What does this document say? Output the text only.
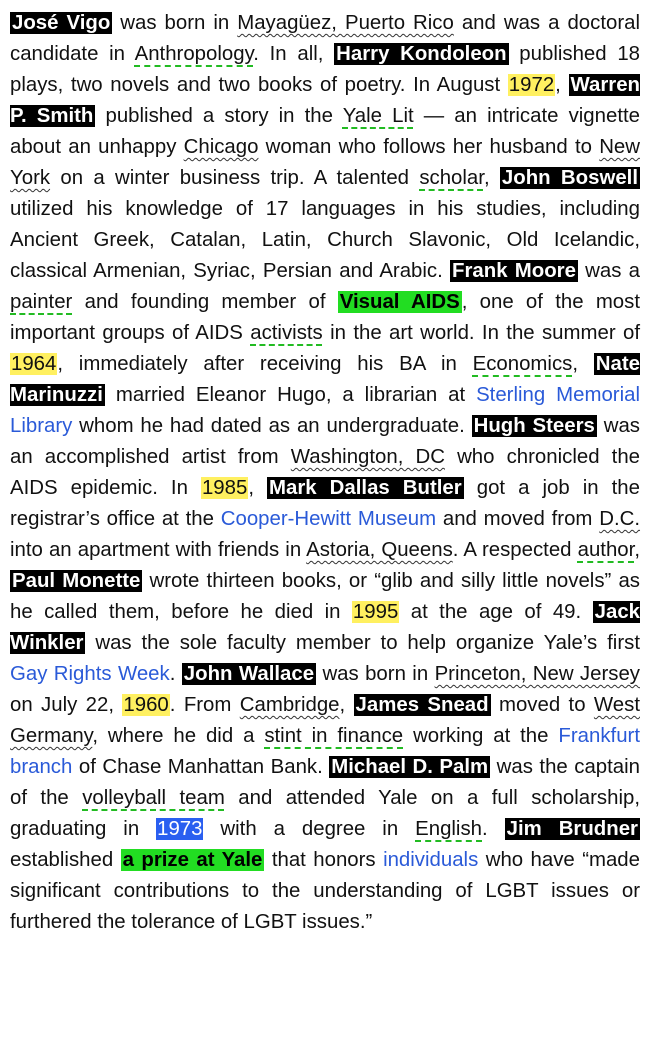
José Vigo was born in Mayagüez, Puerto Rico and was a doctoral candidate in Anthropology. In all, Harry Kondoleon published 18 plays, two novels and two books of poetry. In August 1972, Warren P. Smith published a story in the Yale Lit — an intricate vignette about an unhappy Chicago woman who follows her husband to New York on a winter business trip. A talented scholar, John Boswell utilized his knowledge of 17 languages in his studies, including Ancient Greek, Catalan, Latin, Church Slavonic, Old Icelandic, classical Armenian, Syriac, Persian and Arabic. Frank Moore was a painter and founding member of Visual AIDS, one of the most important groups of AIDS activists in the art world. In the summer of 1964, immediately after receiving his BA in Economics, Nate Marinuzzi married Eleanor Hugo, a librarian at Sterling Memorial Library whom he had dated as an undergraduate. Hugh Steers was an accomplished artist from Washington, DC who chronicled the AIDS epidemic. In 1985, Mark Dallas Butler got a job in the registrar’s office at the Cooper-Hewitt Museum and moved from D.C. into an apartment with friends in Astoria, Queens. A respected author, Paul Monette wrote thirteen books, or “glib and silly little novels” as he called them, before he died in 1995 at the age of 49. Jack Winkler was the sole faculty member to help organize Yale’s first Gay Rights Week. John Wallace was born in Princeton, New Jersey on July 22, 1960. From Cambridge, James Snead moved to West Germany, where he did a stint in finance working at the Frankfurt branch of Chase Manhattan Bank. Michael D. Palm was the captain of the volleyball team and attended Yale on a full scholarship, graduating in 1973 with a degree in English. Jim Brudner established a prize at Yale that honors individuals who have “made significant contributions to the understanding of LGBT issues or furthered the tolerance of LGBT issues.”
